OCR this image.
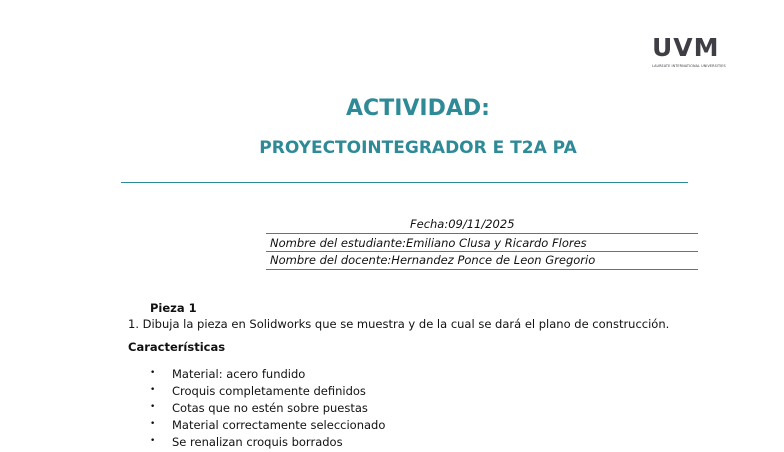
UVM
LAUREATE INTERNATIONAL UNIVERSITIES
ACTIVIDAD:
PROYECTOINTEGRADOR E T2A PA
Fecha:09/11/2025
Nombre del estudiante:Emiliano Clusa y Ricardo Flores
Nombre del docente:Hernandez Ponce de Leon Gregorio
Pieza 1
1. Dibuja la pieza en Solidworks que se muestra y de la cual se dará el plano de construcción.
Características
• Material: acero fundido
• Croquis completamente definidos
• Cotas que no estén sobre puestas
• Material correctamente seleccionado
• Se renalizan croquis borrados
